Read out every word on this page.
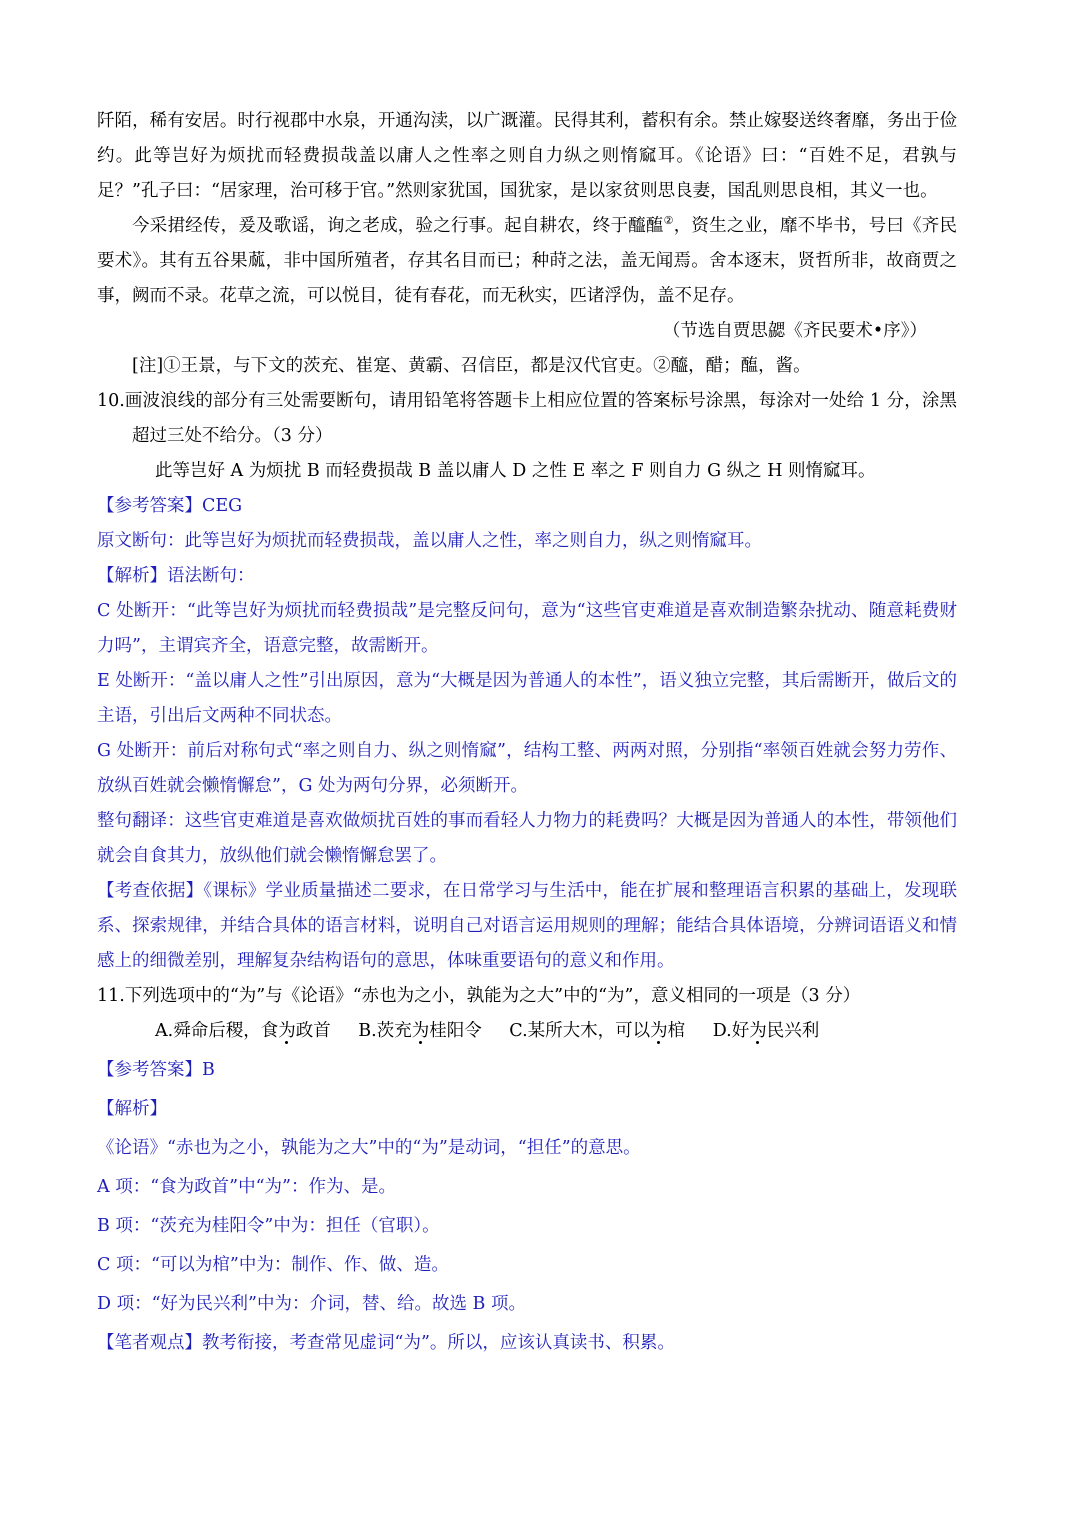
阡陌，稀有安居。时行视郡中水泉，开通沟渎，以广溉灌。民得其利，蓄积有余。禁止嫁娶送终奢靡，务出于俭约。此等岂好为烦扰而轻费损哉盖以庸人之性率之则自力纵之则惰窳耳。《论语》曰：“百姓不足，君孰与足？”孔子曰：“居家理，治可移于官。”然则家犹国，国犹家，是以家贫则思良妻，国乱则思良相，其义一也。

今采捃经传，爰及歌谣，询之老成，验之行事。起自耕农，终于醯醢②，资生之业，靡不毕书，号曰《齐民要术》。其有五谷果蓏，非中国所殖者，存其名目而已；种莳之法，盖无闻焉。舍本逐末，贤哲所非，故商贾之事，阙而不录。花草之流，可以悦目，徒有春花，而无秋实，匹诸浮伪，盖不足存。

（节选自贾思勰《齐民要术•序》）

[注]①王景，与下文的茨充、崔寔、黄霸、召信臣，都是汉代官吏。②醯，醋；醢，酱。

10.画波浪线的部分有三处需要断句，请用铅笔将答题卡上相应位置的答案标号涂黑，每涂对一处给 1 分，涂黑超过三处不给分。（3 分）

此等岂好 A 为烦扰 B 而轻费损哉 B 盖以庸人 D 之性 E 率之 F 则自力 G 纵之 H 则惰窳耳。

【参考答案】CEG

原文断句：此等岂好为烦扰而轻费损哉，盖以庸人之性，率之则自力，纵之则惰窳耳。

【解析】语法断句：

C 处断开：“此等岂好为烦扰而轻费损哉”是完整反问句，意为“这些官吏难道是喜欢制造繁杂扰动、随意耗费财力吗”，主谓宾齐全，语意完整，故需断开。

E 处断开：“盖以庸人之性”引出原因，意为“大概是因为普通人的本性”，语义独立完整，其后需断开，做后文的主语，引出后文两种不同状态。

G 处断开：前后对称句式“率之则自力、纵之则惰窳”，结构工整、两两对照，分别指“率领百姓就会努力劳作、放纵百姓就会懒惰懈怠”，G 处为两句分界，必须断开。

整句翻译：这些官吏难道是喜欢做烦扰百姓的事而看轻人力物力的耗费吗？大概是因为普通人的本性，带领他们就会自食其力，放纵他们就会懒惰懈怠罢了。

【考查依据】《课标》学业质量描述二要求，在日常学习与生活中，能在扩展和整理语言积累的基础上，发现联系、探索规律，并结合具体的语言材料，说明自己对语言运用规则的理解；能结合具体语境，分辨词语语义和情感上的细微差别，理解复杂结构语句的意思，体味重要语句的意义和作用。

11.下列选项中的“为”与《论语》“赤也为之小，孰能为之大”中的“为”，意义相同的一项是（3 分）

A.舜命后稷，食为政首 B.茨充为桂阳令 C.某所大木，可以为棺 D.好为民兴利

【参考答案】B

【解析】

《论语》“赤也为之小，孰能为之大”中的“为”是动词，“担任”的意思。

A 项：“食为政首”中“为”：作为、是。

B 项：“茨充为桂阳令”中为：担任（官职）。

C 项：“可以为棺”中为：制作、作、做、造。

D 项：“好为民兴利”中为：介词，替、给。故选 B 项。

【笔者观点】教考衔接，考查常见虚词“为”。所以，应该认真读书、积累。
